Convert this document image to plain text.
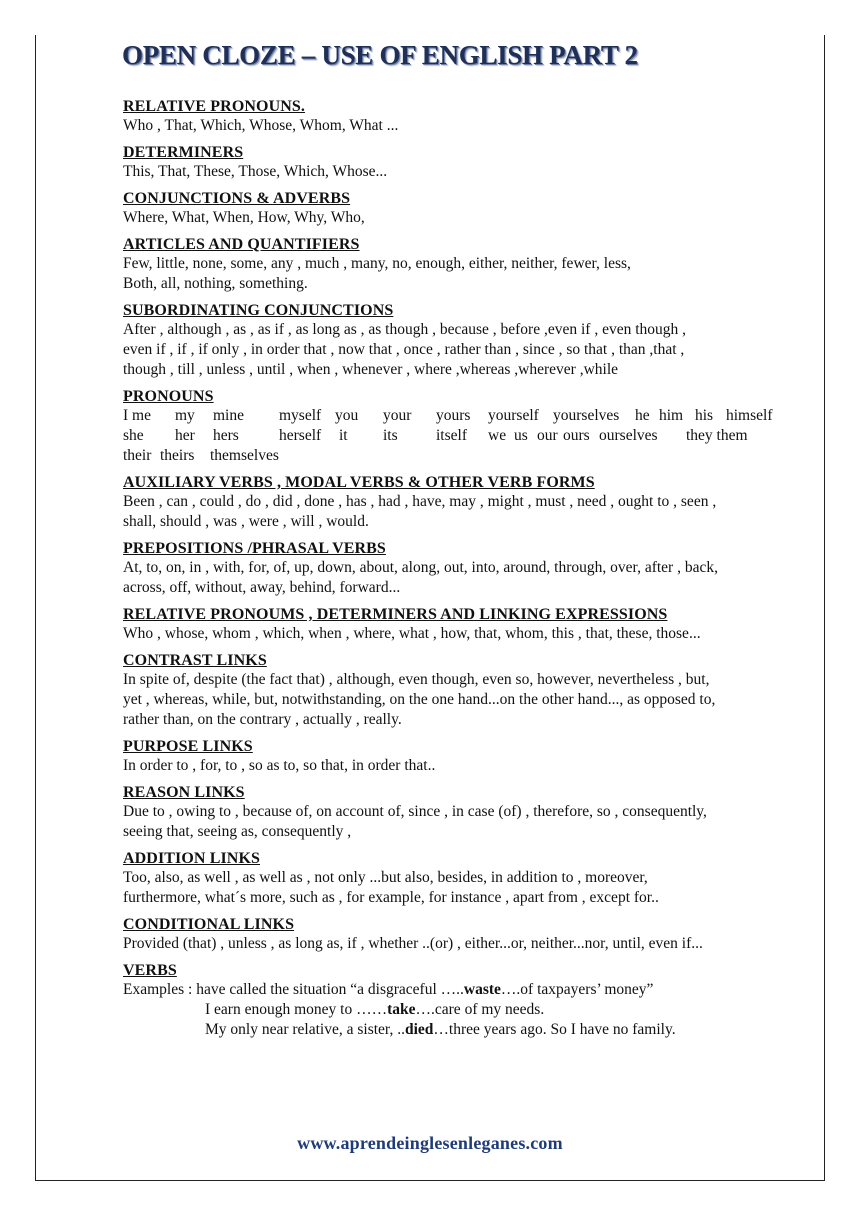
OPEN CLOZE – USE OF ENGLISH PART 2
RELATIVE PRONOUNS.
Who , That, Which, Whose, Whom, What ...
DETERMINERS
This, That, These, Those, Which, Whose...
CONJUNCTIONS & ADVERBS
Where, What, When, How, Why, Who,
ARTICLES AND QUANTIFIERS
Few, little, none, some, any , much , many, no, enough, either, neither, fewer, less,
Both, all, nothing, something.
SUBORDINATING CONJUNCTIONS
After , although , as , as if , as long as , as though , because , before ,even if , even though ,
even if , if , if only , in order that , now that , once , rather than , since , so that , than ,that ,
though , till , unless , until , when , whenever , where ,whereas ,wherever ,while
PRONOUNS
I me	my	mine	myself you	your	yours	yourself yourselves	he him his himself
she	her	hers	herself	it	its	itself	we us our ours ourselves	they them
their theirs	themselves
AUXILIARY VERBS , MODAL VERBS & OTHER VERB FORMS
Been , can , could , do , did , done , has , had , have, may , might , must , need , ought to , seen ,
shall, should , was , were , will , would.
PREPOSITIONS /PHRASAL VERBS
At, to, on, in , with, for, of, up, down, about, along, out, into, around, through, over, after , back,
across, off, without, away, behind, forward...
RELATIVE PRONOUMS , DETERMINERS AND LINKING EXPRESSIONS
Who , whose, whom , which, when , where, what , how, that, whom, this , that, these, those...
CONTRAST LINKS
In spite of, despite (the fact that) , although, even though, even so, however, nevertheless , but,
yet , whereas, while, but, notwithstanding, on the one hand...on the other hand..., as opposed to,
rather than, on the contrary , actually , really.
PURPOSE LINKS
In order to , for, to , so as to, so that, in order that..
REASON LINKS
Due to , owing to , because of, on account of, since , in case (of) , therefore, so , consequently,
seeing that, seeing as, consequently ,
ADDITION LINKS
Too, also, as well , as well as , not only ...but also, besides, in addition to , moreover,
furthermore, what´s more, such as , for example, for instance , apart from , except for..
CONDITIONAL LINKS
Provided (that) , unless , as long as, if , whether ..(or) , either...or, neither...nor, until, even if...
VERBS
Examples : have called the situation “a disgraceful …..waste….of taxpayers’ money”
I earn enough money to ……take….care of my needs.
My only near relative, a sister, ..died…three years ago. So I have no family.
www.aprendeinglesenleganes.com
